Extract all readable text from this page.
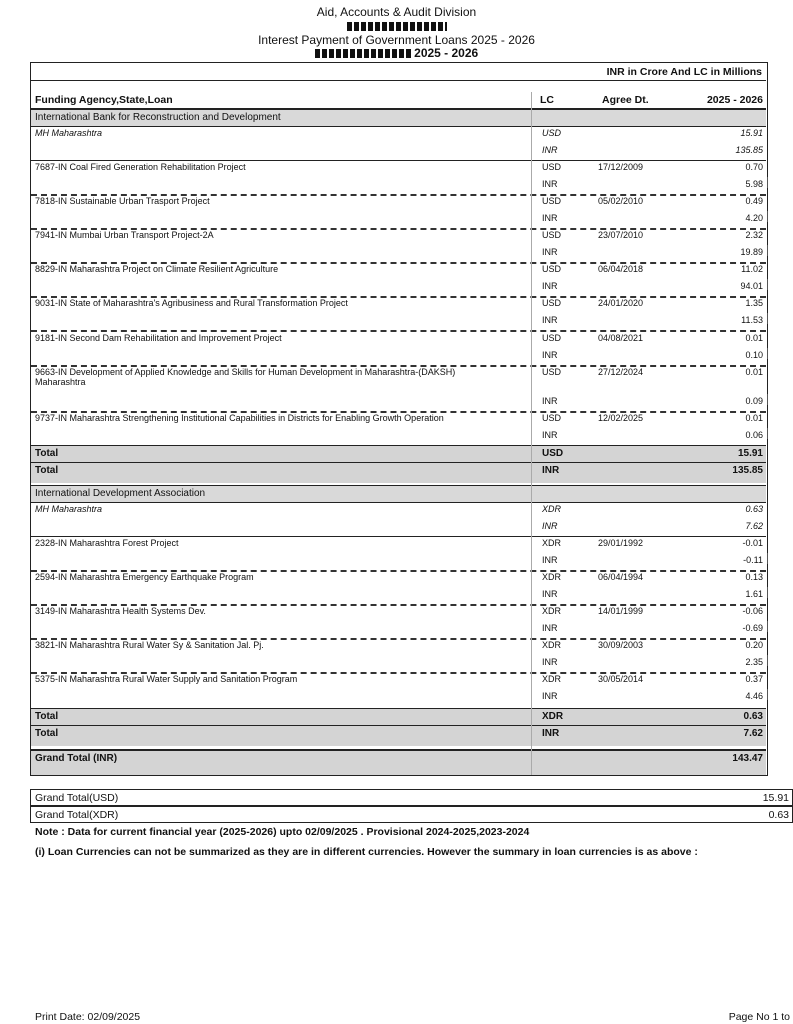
Aid, Accounts & Audit Division
Interest Payment of Government Loans 2025 - 2026
2025 - 2026
INR in Crore And LC in Millions
Funding Agency,State,Loan	LC	Agree Dt.	2025 - 2026
International Bank for Reconstruction and Development
MH Maharashtra	USD	15.91
INR	135.85
7687-IN Coal Fired Generation Rehabilitation Project	USD	17/12/2009	0.70
INR	5.98
7818-IN Sustainable Urban Trasport Project	USD	05/02/2010	0.49
INR	4.20
7941-IN Mumbai Urban Transport Project-2A	USD	23/07/2010	2.32
INR	19.89
8829-IN Maharashtra Project on Climate Resilient Agriculture	USD	06/04/2018	11.02
INR	94.01
9031-IN State of Maharashtra's Agribusiness and Rural Transformation Project	USD	24/01/2020	1.35
INR	11.53
9181-IN Second Dam Rehabilitation and Improvement Project	USD	04/08/2021	0.01
INR	0.10
9663-IN Development of Applied Knowledge and Skills for Human Development in Maharashtra-(DAKSH)	USD	27/12/2024	0.01
Maharashtra
INR	0.09
9737-IN Maharashtra Strengthening Institutional Capabilities in Districts for Enabling Growth Operation	USD	12/02/2025	0.01
INR	0.06
Total	USD	15.91
Total	INR	135.85
International Development Association
MH Maharashtra	XDR	0.63
INR	7.62
2328-IN Maharashtra Forest Project	XDR	29/01/1992	-0.01
INR	-0.11
2594-IN Maharashtra Emergency Earthquake Program	XDR	06/04/1994	0.13
INR	1.61
3149-IN Maharashtra Health Systems Dev.	XDR	14/01/1999	-0.06
INR	-0.69
3821-IN Maharashtra Rural Water Sy & Sanitation Jal. Pj.	XDR	30/09/2003	0.20
INR	2.35
5375-IN Maharashtra Rural Water Supply and Sanitation Program	XDR	30/05/2014	0.37
INR	4.46
Total	XDR	0.63
Total	INR	7.62
Grand Total (INR)	143.47
Grand Total(USD)	15.91
Grand Total(XDR)	0.63
Note : Data for current financial year (2025-2026) upto 02/09/2025 . Provisional 2024-2025,2023-2024
(i) Loan Currencies can not be summarized as they are in different currencies. However the summary in loan currencies is as above :
Print Date: 02/09/2025	Page No 1 to
